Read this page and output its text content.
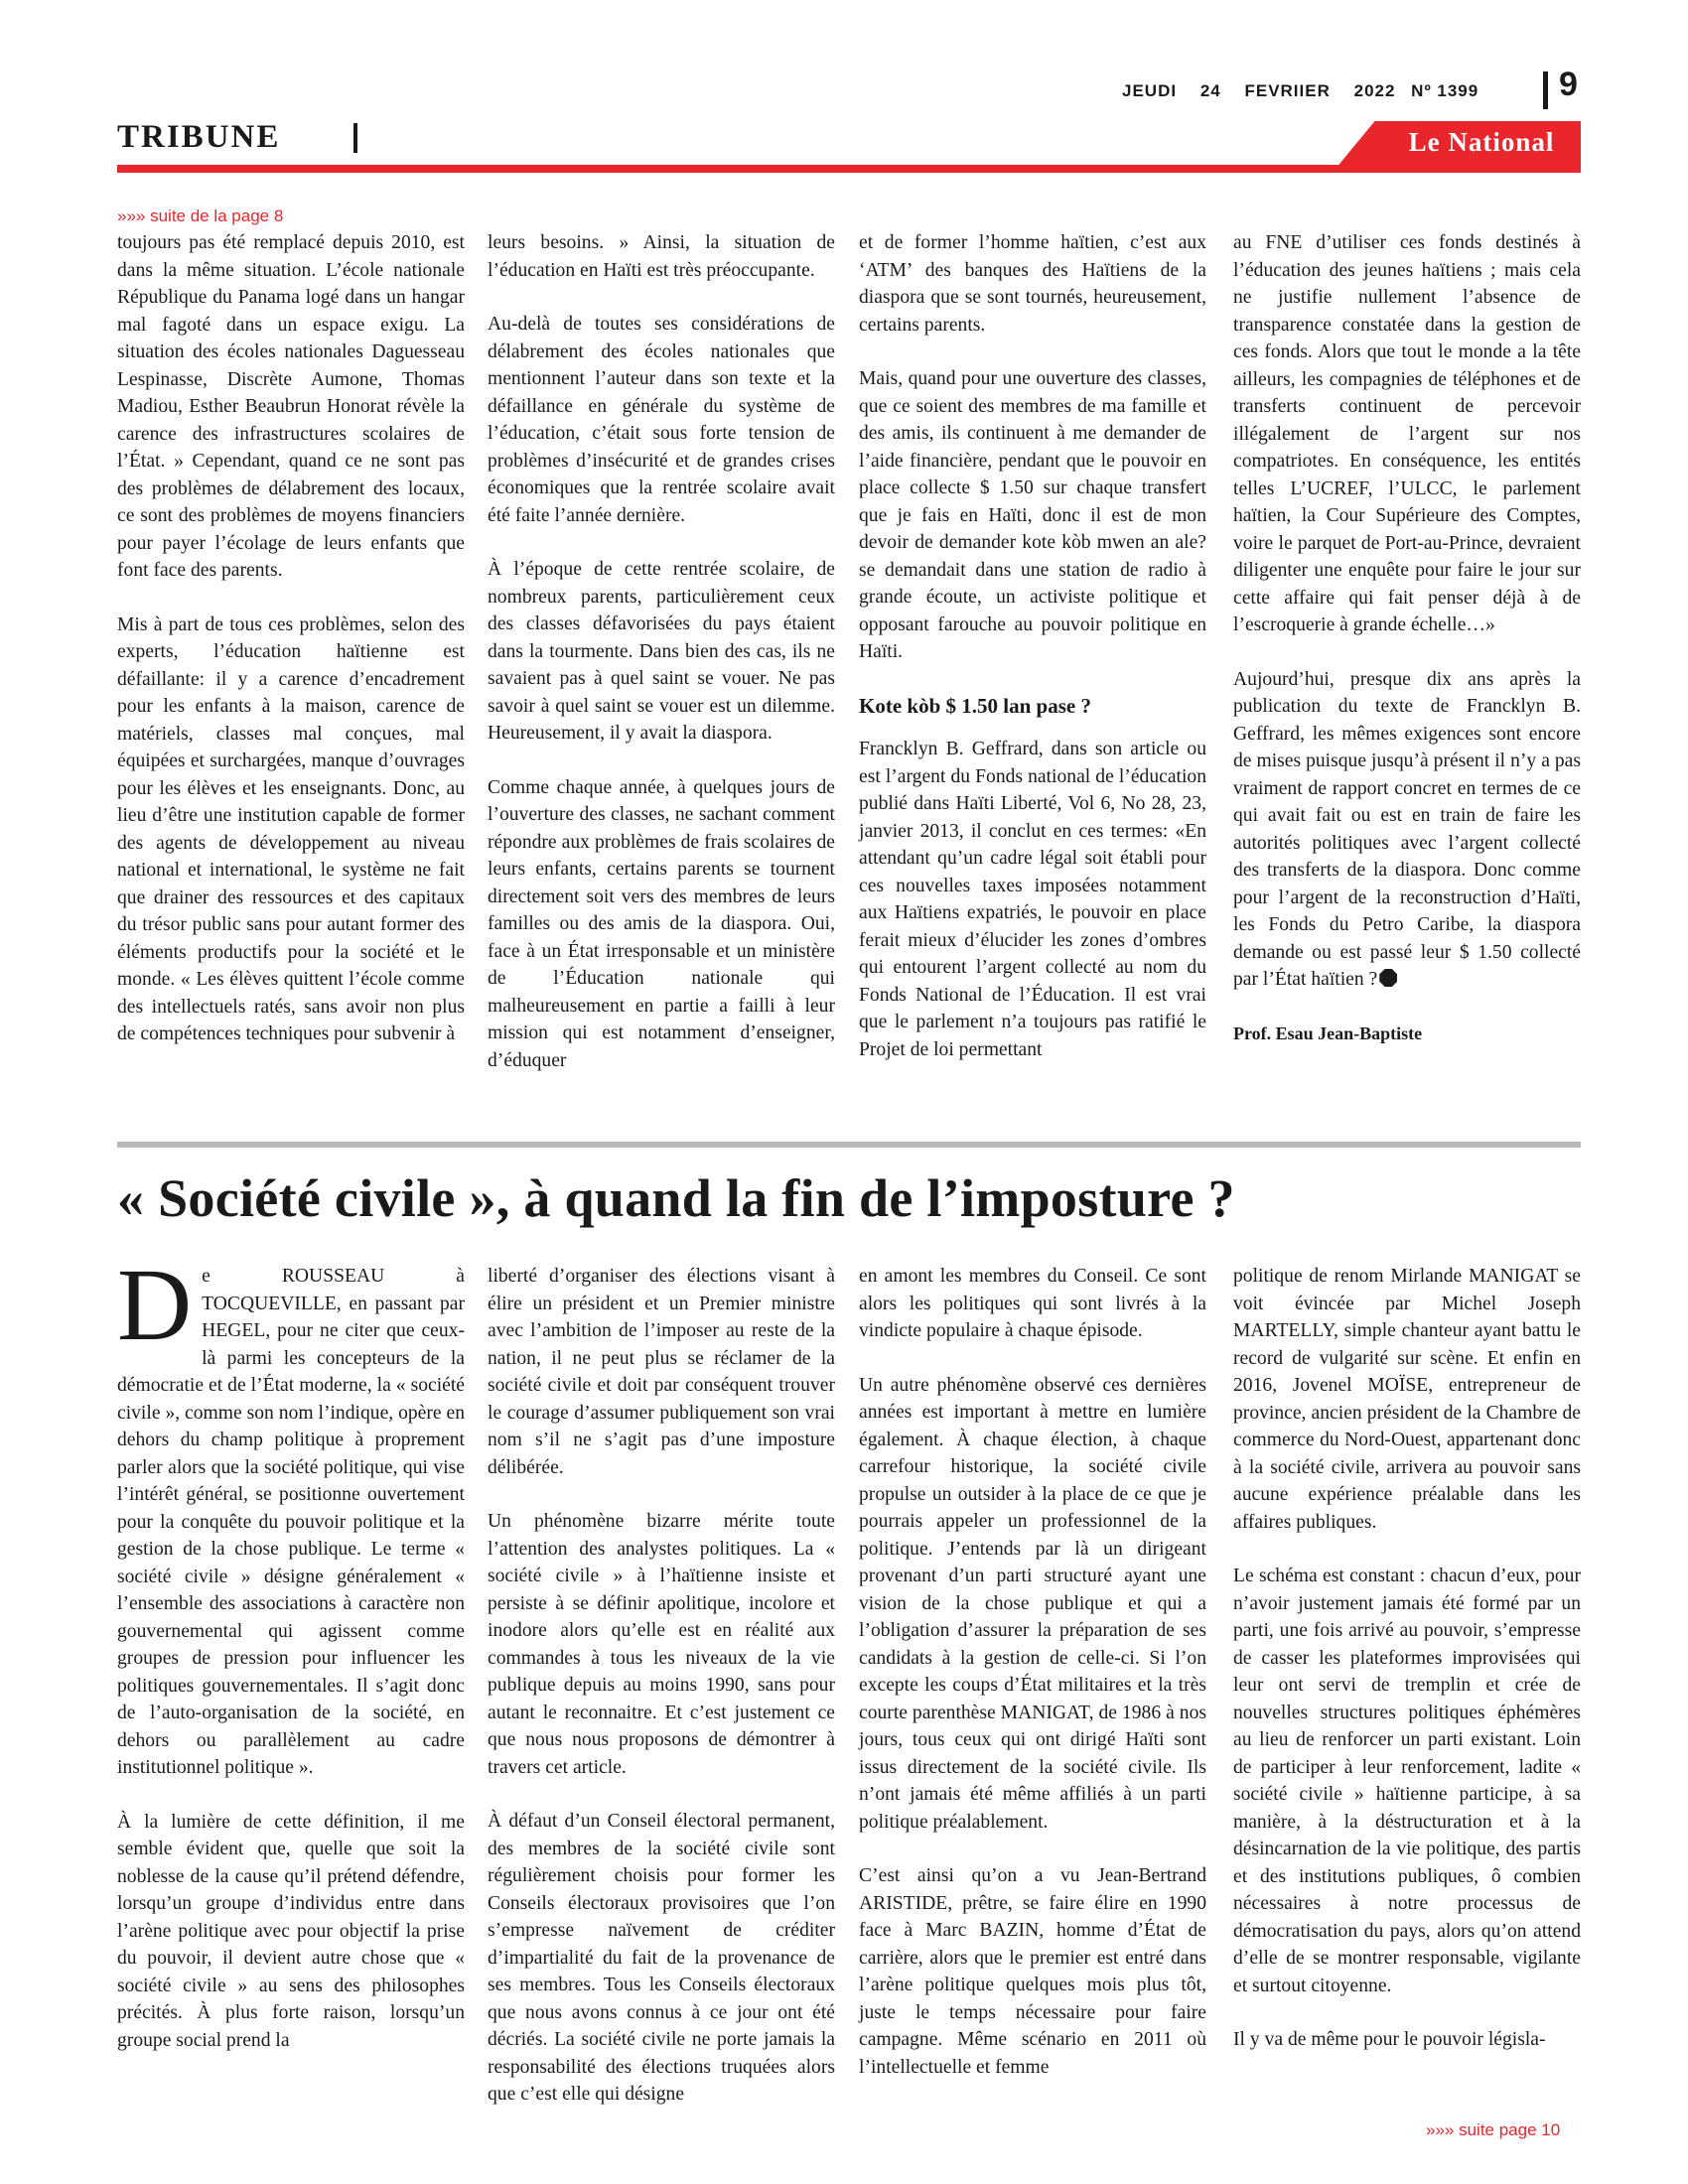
JEUDI 24 FEVRIIER 2022 Nº 1399	9
TRIBUNE	Le National
»»» suite de la page 8

toujours pas été remplacé depuis 2010, est dans la même situation. L’école nationale République du Panama logé dans un hangar mal fagoté dans un espace exigu. La situation des écoles nationales Daguesseau Lespinasse, Discrète Aumone, Thomas Madiou, Esther Beaubrun Honorat révèle la carence des infrastructures scolaires de l’État. » Cependant, quand ce ne sont pas des problèmes de délabrement des locaux, ce sont des problèmes de moyens financiers pour payer l’écolage de leurs enfants que font face des parents.

Mis à part de tous ces problèmes, selon des experts, l’éducation haïtienne est défaillante: il y a carence d’encadrement pour les enfants à la maison, carence de matériels, classes mal conçues, mal équipées et surchargées, manque d’ouvrages pour les élèves et les enseignants. Donc, au lieu d’être une institution capable de former des agents de développement au niveau national et international, le système ne fait que drainer des ressources et des capitaux du trésor public sans pour autant former des éléments productifs pour la société et le monde. « Les élèves quittent l’école comme des intellectuels ratés, sans avoir non plus de compétences techniques pour subvenir à

leurs besoins. » Ainsi, la situation de l’éducation en Haïti est très préoccupante.

Au-delà de toutes ses considérations de délabrement des écoles nationales que mentionnent l’auteur dans son texte et la défaillance en générale du système de l’éducation, c’était sous forte tension de problèmes d’insécurité et de grandes crises économiques que la rentrée scolaire avait été faite l’année dernière.

À l’époque de cette rentrée scolaire, de nombreux parents, particulièrement ceux des classes défavorisées du pays étaient dans la tourmente. Dans bien des cas, ils ne savaient pas à quel saint se vouer. Ne pas savoir à quel saint se vouer est un dilemme. Heureusement, il y avait la diaspora.

Comme chaque année, à quelques jours de l’ouverture des classes, ne sachant comment répondre aux problèmes de frais scolaires de leurs enfants, certains parents se tournent directement soit vers des membres de leurs familles ou des amis de la diaspora. Oui, face à un État irresponsable et un ministère de l’Éducation nationale qui malheureusement en partie a failli à leur mission qui est notamment d’enseigner, d’éduquer

et de former l’homme haïtien, c’est aux ‘ATM’ des banques des Haïtiens de la diaspora que se sont tournés, heureusement, certains parents.

Mais, quand pour une ouverture des classes, que ce soient des membres de ma famille et des amis, ils continuent à me demander de l’aide financière, pendant que le pouvoir en place collecte $ 1.50 sur chaque transfert que je fais en Haïti, donc il est de mon devoir de demander kote kòb mwen an ale? se demandait dans une station de radio à grande écoute, un activiste politique et opposant farouche au pouvoir politique en Haïti.

Kote kòb $ 1.50 lan pase ?

Francklyn B. Geffrard, dans son article ou est l’argent du Fonds national de l’éducation publié dans Haïti Liberté, Vol 6, No 28, 23, janvier 2013, il conclut en ces termes: «En attendant qu’un cadre légal soit établi pour ces nouvelles taxes imposées notamment aux Haïtiens expatriés, le pouvoir en place ferait mieux d’élucider les zones d’ombres qui entourent l’argent collecté au nom du Fonds National de l’Éducation. Il est vrai que le parlement n’a toujours pas ratifié le Projet de loi permettant

au FNE d’utiliser ces fonds destinés à l’éducation des jeunes haïtiens ; mais cela ne justifie nullement l’absence de transparence constatée dans la gestion de ces fonds. Alors que tout le monde a la tête ailleurs, les compagnies de téléphones et de transferts continuent de percevoir illégalement de l’argent sur nos compatriotes. En conséquence, les entités telles L’UCREF, l’ULCC, le parlement haïtien, la Cour Supérieure des Comptes, voire le parquet de Port-au-Prince, devraient diligenter une enquête pour faire le jour sur cette affaire qui fait penser déjà à de l’escroquerie à grande échelle…»

Aujourd’hui, presque dix ans après la publication du texte de Francklyn B. Geffrard, les mêmes exigences sont encore de mises puisque jusqu’à présent il n’y a pas vraiment de rapport concret en termes de ce qui avait fait ou est en train de faire les autorités politiques avec l’argent collecté des transferts de la diaspora. Donc comme pour l’argent de la reconstruction d’Haïti, les Fonds du Petro Caribe, la diaspora demande ou est passé leur $ 1.50 collecté par l’État haïtien ?

Prof. Esau Jean-Baptiste

« Société civile », à quand la fin de l’imposture ?

De ROUSSEAU à TOCQUEVILLE, en passant par HEGEL, pour ne citer que ceux-là parmi les concepteurs de la démocratie et de l’État moderne, la « société civile », comme son nom l’indique, opère en dehors du champ politique à proprement parler alors que la société politique, qui vise l’intérêt général, se positionne ouvertement pour la conquête du pouvoir politique et la gestion de la chose publique. Le terme « société civile » désigne généralement « l’ensemble des associations à caractère non gouvernemental qui agissent comme groupes de pression pour influencer les politiques gouvernementales. Il s’agit donc de l’auto-organisation de la société, en dehors ou parallèlement au cadre institutionnel politique ».

À la lumière de cette définition, il me semble évident que, quelle que soit la noblesse de la cause qu’il prétend défendre, lorsqu’un groupe d’individus entre dans l’arène politique avec pour objectif la prise du pouvoir, il devient autre chose que « société civile » au sens des philosophes précités. À plus forte raison, lorsqu’un groupe social prend la

liberté d’organiser des élections visant à élire un président et un Premier ministre avec l’ambition de l’imposer au reste de la nation, il ne peut plus se réclamer de la société civile et doit par conséquent trouver le courage d’assumer publiquement son vrai nom s’il ne s’agit pas d’une imposture délibérée.

Un phénomène bizarre mérite toute l’attention des analystes politiques. La « société civile » à l’haïtienne insiste et persiste à se définir apolitique, incolore et inodore alors qu’elle est en réalité aux commandes à tous les niveaux de la vie publique depuis au moins 1990, sans pour autant le reconnaitre. Et c’est justement ce que nous nous proposons de démontrer à travers cet article.

À défaut d’un Conseil électoral permanent, des membres de la société civile sont régulièrement choisis pour former les Conseils électoraux provisoires que l’on s’empresse naïvement de créditer d’impartialité du fait de la provenance de ses membres. Tous les Conseils électoraux que nous avons connus à ce jour ont été décriés. La société civile ne porte jamais la responsabilité des élections truquées alors que c’est elle qui désigne

en amont les membres du Conseil. Ce sont alors les politiques qui sont livrés à la vindicte populaire à chaque épisode.

Un autre phénomène observé ces dernières années est important à mettre en lumière également. À chaque élection, à chaque carrefour historique, la société civile propulse un outsider à la place de ce que je pourrais appeler un professionnel de la politique. J’entends par là un dirigeant provenant d’un parti structuré ayant une vision de la chose publique et qui a l’obligation d’assurer la préparation de ses candidats à la gestion de celle-ci. Si l’on excepte les coups d’État militaires et la très courte parenthèse MANIGAT, de 1986 à nos jours, tous ceux qui ont dirigé Haïti sont issus directement de la société civile. Ils n’ont jamais été même affiliés à un parti politique préalablement.

C’est ainsi qu’on a vu Jean-Bertrand ARISTIDE, prêtre, se faire élire en 1990 face à Marc BAZIN, homme d’État de carrière, alors que le premier est entré dans l’arène politique quelques mois plus tôt, juste le temps nécessaire pour faire campagne. Même scénario en 2011 où l’intellectuelle et femme

politique de renom Mirlande MANIGAT se voit évincée par Michel Joseph MARTELLY, simple chanteur ayant battu le record de vulgarité sur scène. Et enfin en 2016, Jovenel MOÏSE, entrepreneur de province, ancien président de la Chambre de commerce du Nord-Ouest, appartenant donc à la société civile, arrivera au pouvoir sans aucune expérience préalable dans les affaires publiques.

Le schéma est constant : chacun d’eux, pour n’avoir justement jamais été formé par un parti, une fois arrivé au pouvoir, s’empresse de casser les plateformes improvisées qui leur ont servi de tremplin et crée de nouvelles structures politiques éphémères au lieu de renforcer un parti existant. Loin de participer à leur renforcement, ladite « société civile » haïtienne participe, à sa manière, à la déstructuration et à la désincarnation de la vie politique, des partis et des institutions publiques, ô combien nécessaires à notre processus de démocratisation du pays, alors qu’on attend d’elle de se montrer responsable, vigilante et surtout citoyenne.

Il y va de même pour le pouvoir législa-

»»» suite page 10
